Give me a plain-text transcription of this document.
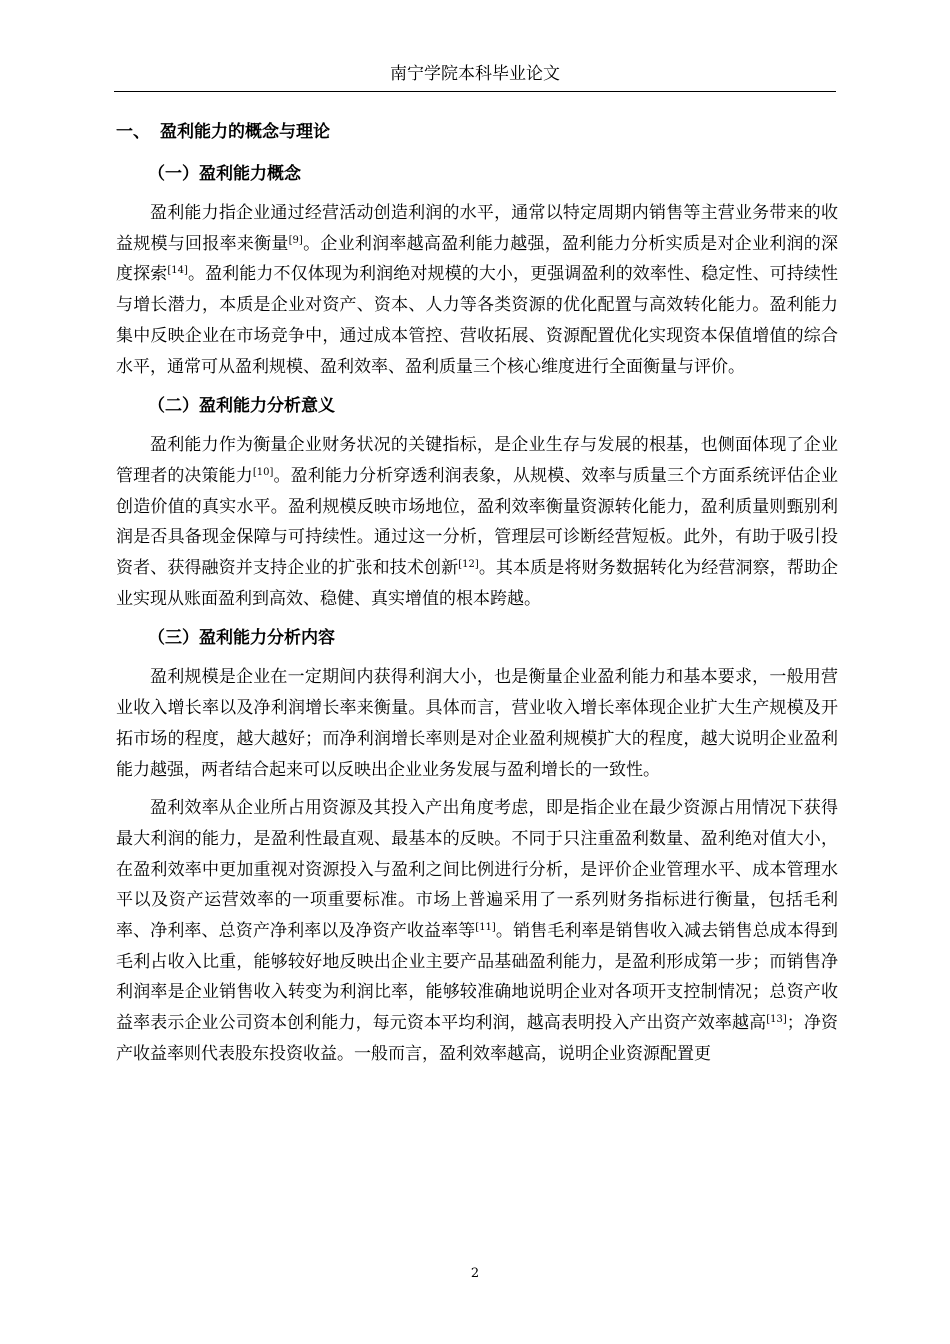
南宁学院本科毕业论文
一、 盈利能力的概念与理论
（一）盈利能力概念

盈利能力指企业通过经营活动创造利润的水平，通常以特定周期内销售等主营业务带来的收益规模与回报率来衡量[9]。企业利润率越高盈利能力越强，盈利能力分析实质是对企业利润的深度探索[14]。盈利能力不仅体现为利润绝对规模的大小，更强调盈利的效率性、稳定性、可持续性与增长潜力，本质是企业对资产、资本、人力等各类资源的优化配置与高效转化能力。盈利能力集中反映企业在市场竞争中，通过成本管控、营收拓展、资源配置优化实现资本保值增值的综合水平，通常可从盈利规模、盈利效率、盈利质量三个核心维度进行全面衡量与评价。

（二）盈利能力分析意义

盈利能力作为衡量企业财务状况的关键指标，是企业生存与发展的根基，也侧面体现了企业管理者的决策能力[10]。盈利能力分析穿透利润表象，从规模、效率与质量三个方面系统评估企业创造价值的真实水平。盈利规模反映市场地位，盈利效率衡量资源转化能力，盈利质量则甄别利润是否具备现金保障与可持续性。通过这一分析，管理层可诊断经营短板。此外，有助于吸引投资者、获得融资并支持企业的扩张和技术创新[12]。其本质是将财务数据转化为经营洞察，帮助企业实现从账面盈利到高效、稳健、真实增值的根本跨越。

（三）盈利能力分析内容

盈利规模是企业在一定期间内获得利润大小，也是衡量企业盈利能力和基本要求，一般用营业收入增长率以及净利润增长率来衡量。具体而言，营业收入增长率体现企业扩大生产规模及开拓市场的程度，越大越好；而净利润增长率则是对企业盈利规模扩大的程度，越大说明企业盈利能力越强，两者结合起来可以反映出企业业务发展与盈利增长的一致性。

盈利效率从企业所占用资源及其投入产出角度考虑，即是指企业在最少资源占用情况下获得最大利润的能力，是盈利性最直观、最基本的反映。不同于只注重盈利数量、盈利绝对值大小，在盈利效率中更加重视对资源投入与盈利之间比例进行分析，是评价企业管理水平、成本管理水平以及资产运营效率的一项重要标准。市场上普遍采用了一系列财务指标进行衡量，包括毛利率、净利率、总资产净利率以及净资产收益率等[11]。销售毛利率是销售收入减去销售总成本得到毛利占收入比重，能够较好地反映出企业主要产品基础盈利能力，是盈利形成第一步；而销售净利润率是企业销售收入转变为利润比率，能够较准确地说明企业对各项开支控制情况；总资产收益率表示企业公司资本创利能力，每元资本平均利润，越高表明投入产出资产效率越高[13]；净资产收益率则代表股东投资收益。一般而言，盈利效率越高，说明企业资源配置更

2
